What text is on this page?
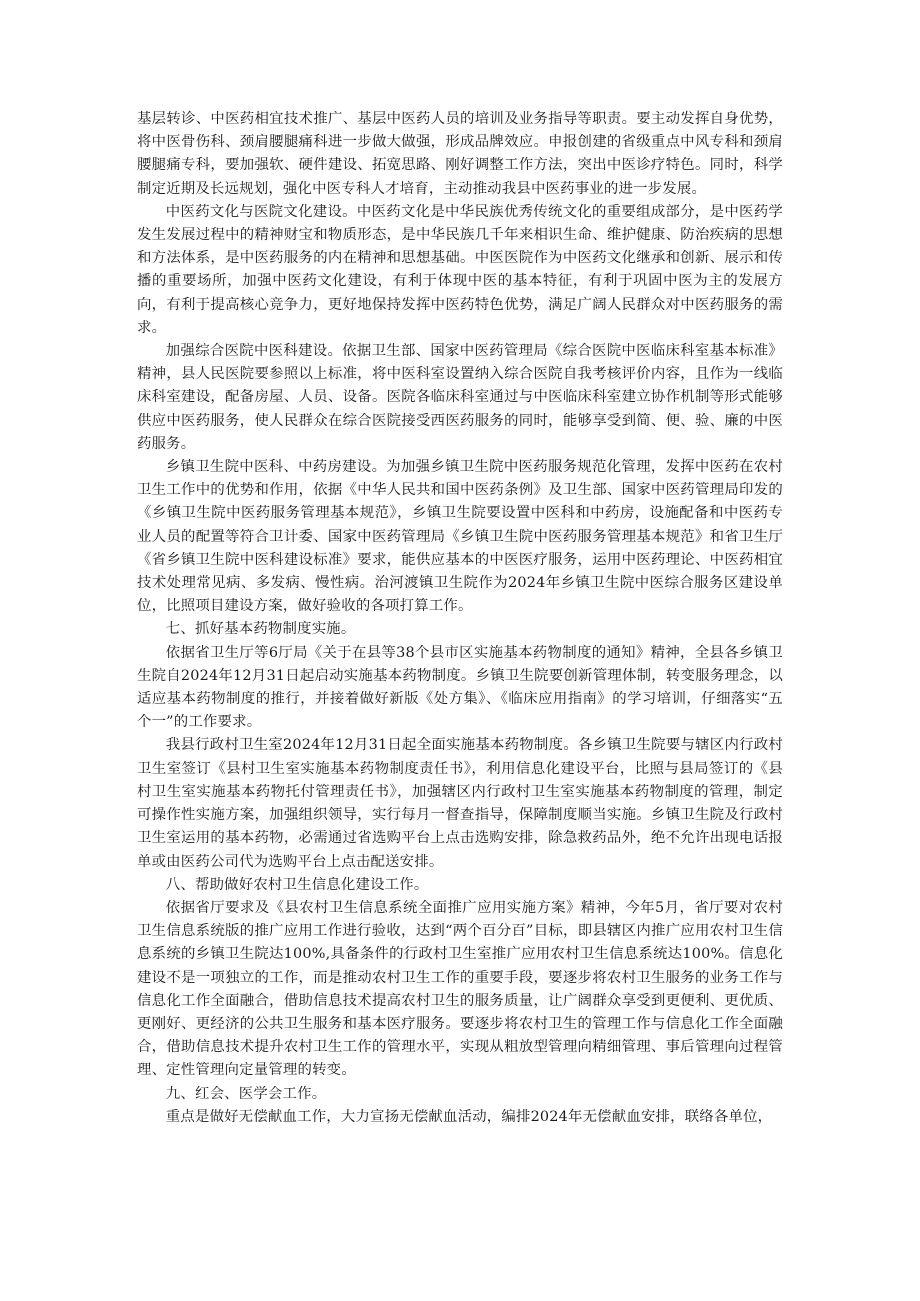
基层转诊、中医药相宜技术推广、基层中医药人员的培训及业务指导等职责。要主动发挥自身优势，将中医骨伤科、颈肩腰腿痛科进一步做大做强，形成品牌效应。申报创建的省级重点中风专科和颈肩腰腿痛专科，要加强软、硬件建设、拓宽思路、刚好调整工作方法，突出中医诊疗特色。同时，科学制定近期及长远规划，强化中医专科人才培育，主动推动我县中医药事业的进一步发展。

中医药文化与医院文化建设。中医药文化是中华民族优秀传统文化的重要组成部分，是中医药学发生发展过程中的精神财宝和物质形态，是中华民族几千年来相识生命、维护健康、防治疾病的思想和方法体系，是中医药服务的内在精神和思想基础。中医医院作为中医药文化继承和创新、展示和传播的重要场所，加强中医药文化建设，有利于体现中医的基本特征，有利于巩固中医为主的发展方向，有利于提高核心竞争力，更好地保持发挥中医药特色优势，满足广阔人民群众对中医药服务的需求。

加强综合医院中医科建设。依据卫生部、国家中医药管理局《综合医院中医临床科室基本标准》精神，县人民医院要参照以上标准，将中医科室设置纳入综合医院自我考核评价内容，且作为一线临床科室建设，配备房屋、人员、设备。医院各临床科室通过与中医临床科室建立协作机制等形式能够供应中医药服务，使人民群众在综合医院接受西医药服务的同时，能够享受到简、便、验、廉的中医药服务。

乡镇卫生院中医科、中药房建设。为加强乡镇卫生院中医药服务规范化管理，发挥中医药在农村卫生工作中的优势和作用，依据《中华人民共和国中医药条例》及卫生部、国家中医药管理局印发的《乡镇卫生院中医药服务管理基本规范》，乡镇卫生院要设置中医科和中药房，设施配备和中医药专业人员的配置等符合卫计委、国家中医药管理局《乡镇卫生院中医药服务管理基本规范》和省卫生厅《省乡镇卫生院中医科建设标准》要求，能供应基本的中医医疗服务，运用中医药理论、中医药相宜技术处理常见病、多发病、慢性病。治河渡镇卫生院作为2024年乡镇卫生院中医综合服务区建设单位，比照项目建设方案，做好验收的各项打算工作。

七、抓好基本药物制度实施。

依据省卫生厅等6厅局《关于在县等38个县市区实施基本药物制度的通知》精神，全县各乡镇卫生院自2024年12月31日起启动实施基本药物制度。乡镇卫生院要创新管理体制，转变服务理念，以适应基本药物制度的推行，并接着做好新版《处方集》、《临床应用指南》的学习培训，仔细落实“五个一”的工作要求。

我县行政村卫生室2024年12月31日起全面实施基本药物制度。各乡镇卫生院要与辖区内行政村卫生室签订《县村卫生室实施基本药物制度责任书》，利用信息化建设平台，比照与县局签订的《县村卫生室实施基本药物托付管理责任书》，加强辖区内行政村卫生室实施基本药物制度的管理，制定可操作性实施方案，加强组织领导，实行每月一督查指导，保障制度顺当实施。乡镇卫生院及行政村卫生室运用的基本药物，必需通过省选购平台上点击选购安排，除急救药品外，绝不允许出现电话报单或由医药公司代为选购平台上点击配送安排。

八、帮助做好农村卫生信息化建设工作。

依据省厅要求及《县农村卫生信息系统全面推广应用实施方案》精神，今年5月，省厅要对农村卫生信息系统版的推广应用工作进行验收，达到“两个百分百”目标，即县辖区内推广应用农村卫生信息系统的乡镇卫生院达100%,具备条件的行政村卫生室推广应用农村卫生信息系统达100%。信息化建设不是一项独立的工作，而是推动农村卫生工作的重要手段，要逐步将农村卫生服务的业务工作与信息化工作全面融合，借助信息技术提高农村卫生的服务质量，让广阔群众享受到更便利、更优质、更刚好、更经济的公共卫生服务和基本医疗服务。要逐步将农村卫生的管理工作与信息化工作全面融合，借助信息技术提升农村卫生工作的管理水平，实现从粗放型管理向精细管理、事后管理向过程管理、定性管理向定量管理的转变。

九、红会、医学会工作。

重点是做好无偿献血工作，大力宣扬无偿献血活动，编排2024年无偿献血安排，联络各单位，
